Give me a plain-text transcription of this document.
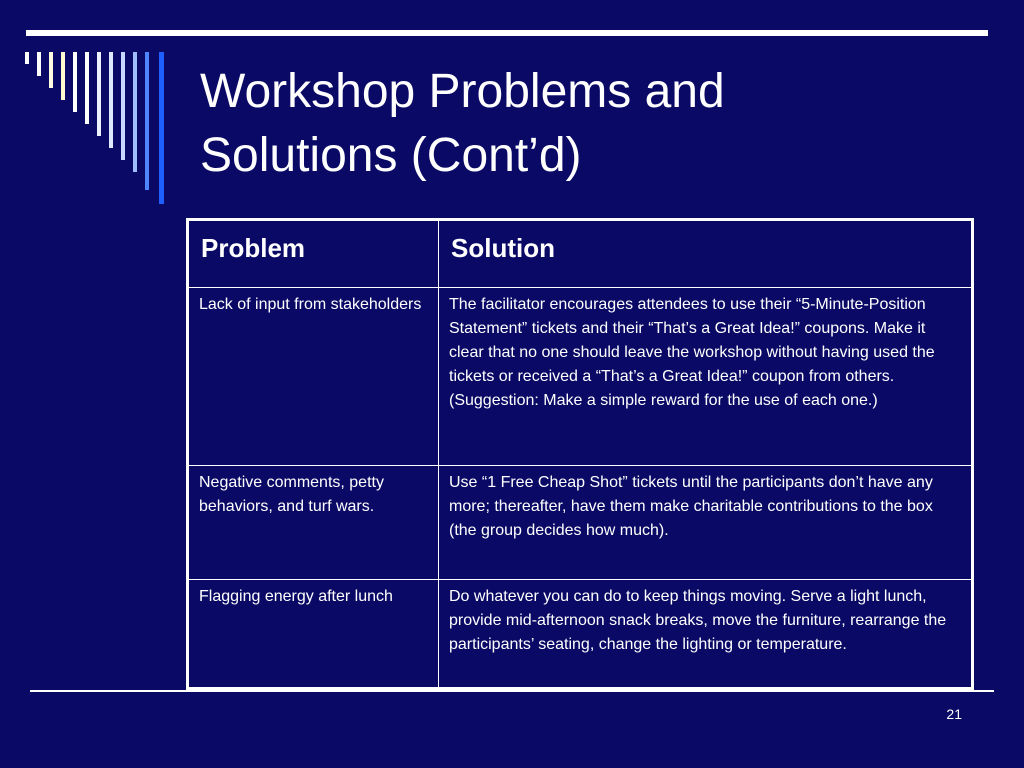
Workshop Problems and
Solutions (Cont’d)
Problem	Solution
Lack of input from stakeholders	The facilitator encourages attendees to use their “5-Minute-Position Statement” tickets and their “That’s a Great Idea!” coupons. Make it clear that no one should leave the workshop without having used the tickets or received a “That’s a Great Idea!” coupon from others. (Suggestion: Make a simple reward for the use of each one.)
Negative comments, petty behaviors, and turf wars.	Use “1 Free Cheap Shot” tickets until the participants don’t have any more; thereafter, have them make charitable contributions to the box (the group decides how much).
Flagging energy after lunch	Do whatever you can do to keep things moving. Serve a light lunch, provide mid-afternoon snack breaks, move the furniture, rearrange the participants’ seating, change the lighting or temperature.
21
